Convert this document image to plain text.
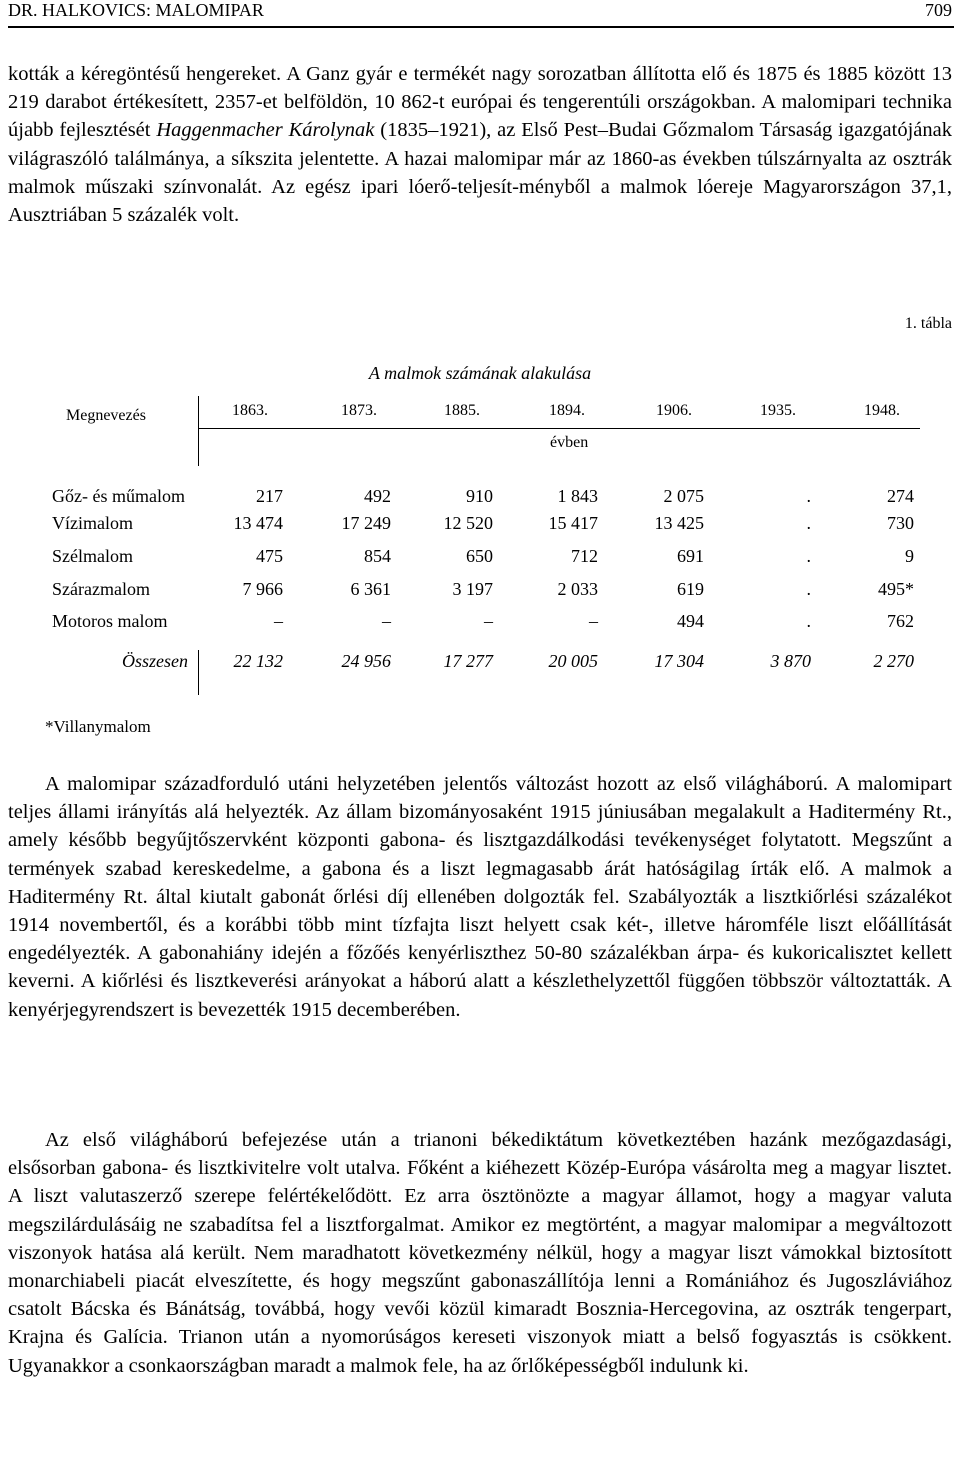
DR. HALKOVICS: MALOMIPAR	709

kották a kéregöntésű hengereket. A Ganz gyár e termékét nagy sorozatban állította elő és 1875 és 1885 között 13 219 darabot értékesített, 2357-et belföldön, 10 862-t európai és tengerentúli országokban. A malomipari technika újabb fejlesztését Haggenmacher Károlynak (1835–1921), az Első Pest–Budai Gőzmalom Társaság igazgatójának világraszóló találmánya, a síkszita jelentette. A hazai malomipar már az 1860-as években túlszárnyalta az osztrák malmok műszaki színvonalát. Az egész ipari lóerő-teljesít-ményből a malmok lóereje Magyarországon 37,1, Ausztriában 5 százalék volt.

1. tábla
A malmok számának alakulása
Megnevezés
évben
1863.	1873.	1885.	1894.	1906.	1935.	1948.
Gőz- és műmalom	217	492	910	1 843	2 075	.	274
Vízimalom	13 474	17 249	12 520	15 417	13 425	.	730
Szélmalom	475	854	650	712	691	.	9
Szárazmalom	7 966	6 361	3 197	2 033	619	.	495*
Motoros malom	–	–	–	–	494	.	762
Összesen	22 132	24 956	17 277	20 005	17 304	3 870	2 270
*Villanymalom

A malomipar századforduló utáni helyzetében jelentős változást hozott az első világháború. A malomipart teljes állami irányítás alá helyezték. Az állam bizományosaként 1915 júniusában megalakult a Haditermény Rt., amely később begyűjtőszervként központi gabona- és lisztgazdálkodási tevékenységet folytatott. Megszűnt a termények szabad kereskedelme, a gabona és a liszt legmagasabb árát hatóságilag írták elő. A malmok a Haditermény Rt. által kiutalt gabonát őrlési díj ellenében dolgozták fel. Szabályozták a lisztkiőrlési százalékot 1914 novembertől, és a korábbi több mint tízfajta liszt helyett csak két-, illetve háromféle liszt előállítását engedélyezték. A gabonahiány idején a főzőés kenyérliszthez 50-80 százalékban árpa- és kukoricalisztet kellett keverni. A kiőrlési és lisztkeverési arányokat a háború alatt a készlethelyzettől függően többször változtatták. A kenyérjegyrendszert is bevezették 1915 decemberében.

Az első világháború befejezése után a trianoni békediktátum következtében hazánk mezőgazdasági, elsősorban gabona- és lisztkivitelre volt utalva. Főként a kiéhezett Közép-Európa vásárolta meg a magyar lisztet. A liszt valutaszerző szerepe felértékelődött. Ez arra ösztönözte a magyar államot, hogy a magyar valuta megszilárdulásáig ne szabadítsa fel a lisztforgalmat. Amikor ez megtörtént, a magyar malomipar a megváltozott viszonyok hatása alá került. Nem maradhatott következmény nélkül, hogy a magyar liszt vámokkal biztosított monarchiabeli piacát elveszítette, és hogy megszűnt gabonaszállítója lenni a Romániához és Jugoszláviához csatolt Bácska és Bánátság, továbbá, hogy vevői közül kimaradt Bosznia-Hercegovina, az osztrák tengerpart, Krajna és Galícia. Trianon után a nyomorúságos kereseti viszonyok miatt a belső fogyasztás is csökkent. Ugyanakkor a csonkaországban maradt a malmok fele, ha az őrlőképességből indulunk ki.
